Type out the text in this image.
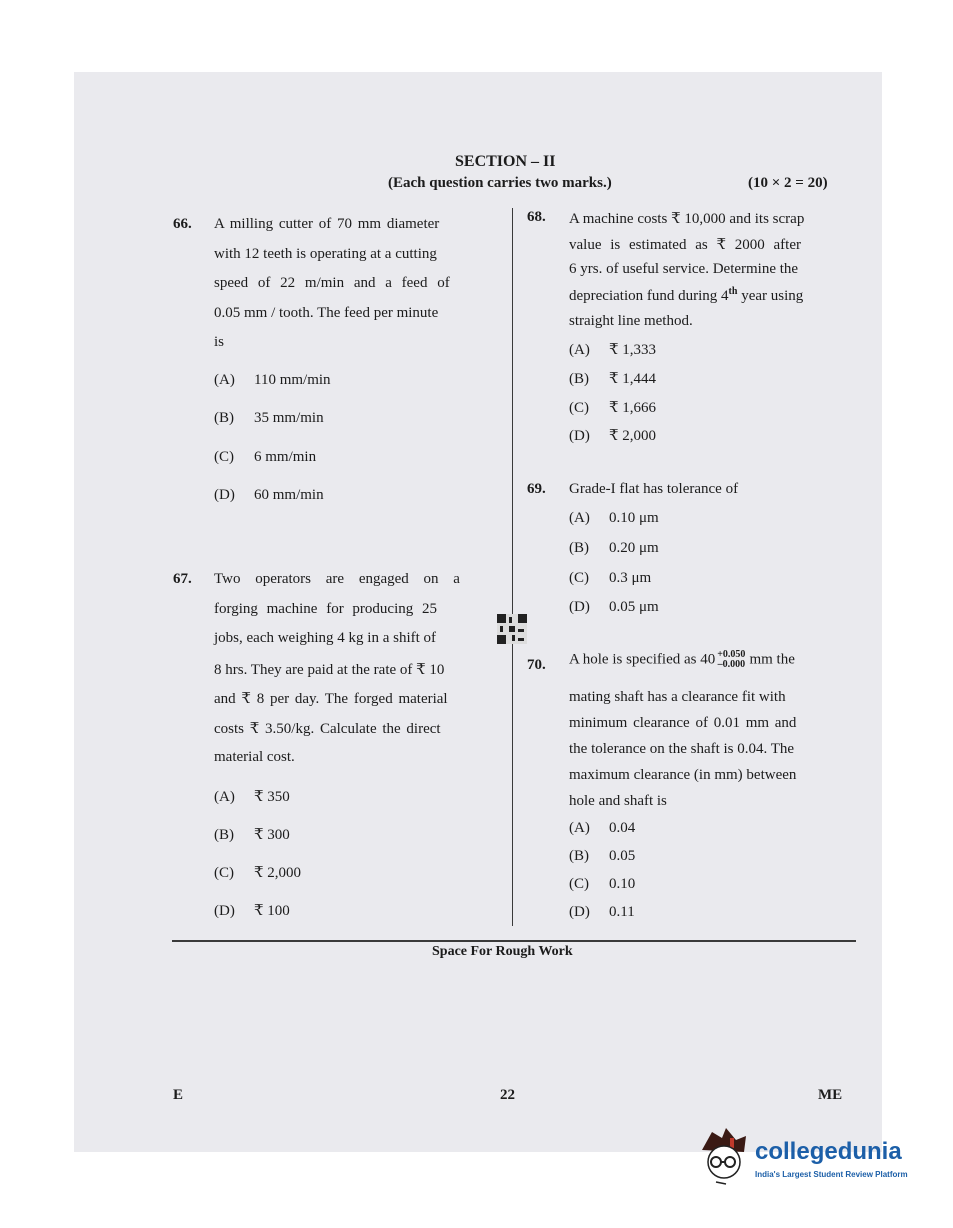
SECTION – II
(Each question carries two marks.)	(10 × 2 = 20)
66. A milling cutter of 70 mm diameter
with 12 teeth is operating at a cutting
speed of 22 m/min and a feed of
0.05 mm / tooth. The feed per minute
is
(A) 110 mm/min
(B) 35 mm/min
(C) 6 mm/min
(D) 60 mm/min
67. Two operators are engaged on a
forging machine for producing 25
jobs, each weighing 4 kg in a shift of
8 hrs. They are paid at the rate of ₹ 10
and ₹ 8 per day. The forged material
costs ₹ 3.50/kg. Calculate the direct
material cost.
(A) ₹ 350
(B) ₹ 300
(C) ₹ 2,000
(D) ₹ 100
68. A machine costs ₹ 10,000 and its scrap
value is estimated as ₹ 2000 after
6 yrs. of useful service. Determine the
depreciation fund during 4th year using
straight line method.
(A) ₹ 1,333
(B) ₹ 1,444
(C) ₹ 1,666
(D) ₹ 2,000
69. Grade-I flat has tolerance of
(A) 0.10 μm
(B) 0.20 μm
(C) 0.3 μm
(D) 0.05 μm
70. A hole is specified as 40 +0.050
–0.000 mm the
mating shaft has a clearance fit with
minimum clearance of 0.01 mm and
the tolerance on the shaft is 0.04. The
maximum clearance (in mm) between
hole and shaft is
(A) 0.04
(B) 0.05
(C) 0.10
(D) 0.11
Space For Rough Work
E	22	ME
collegedunia
India's Largest Student Review Platform
